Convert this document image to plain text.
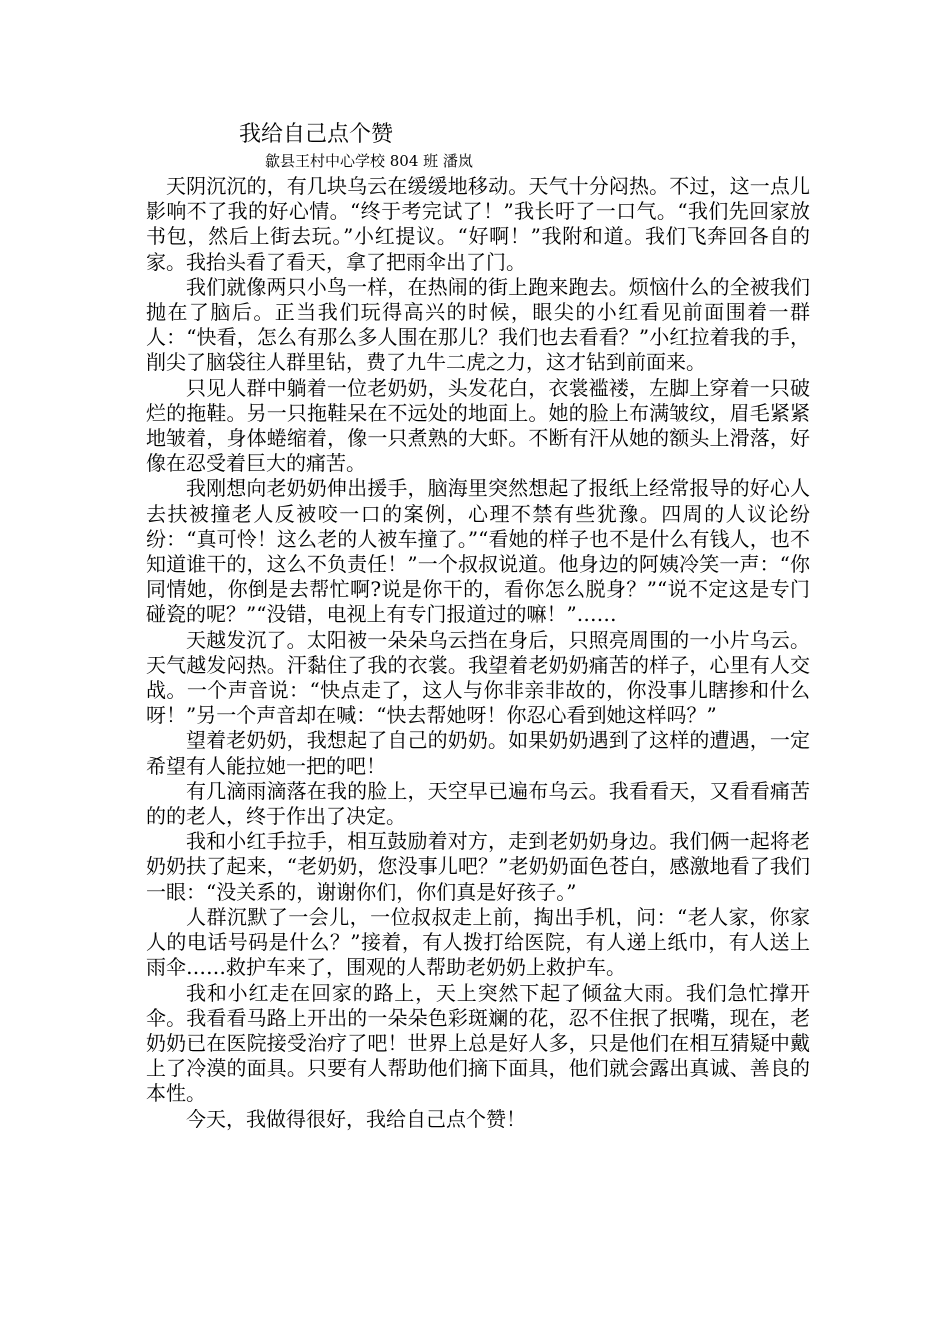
我给自己点个赞
歙县王村中心学校 804 班 潘岚

天阴沉沉的，有几块乌云在缓缓地移动。天气十分闷热。不过，这一点儿影响不了我的好心情。“终于考完试了！”我长吁了一口气。“我们先回家放书包，然后上街去玩。”小红提议。“好啊！”我附和道。我们飞奔回各自的家。我抬头看了看天，拿了把雨伞出了门。

我们就像两只小鸟一样，在热闹的街上跑来跑去。烦恼什么的全被我们抛在了脑后。正当我们玩得高兴的时候，眼尖的小红看见前面围着一群人：“快看，怎么有那么多人围在那儿？我们也去看看？”小红拉着我的手，削尖了脑袋往人群里钻，费了九牛二虎之力，这才钻到前面来。

只见人群中躺着一位老奶奶，头发花白，衣裳褴褛，左脚上穿着一只破烂的拖鞋。另一只拖鞋呆在不远处的地面上。她的脸上布满皱纹，眉毛紧紧地皱着，身体蜷缩着，像一只煮熟的大虾。不断有汗从她的额头上滑落，好像在忍受着巨大的痛苦。

我刚想向老奶奶伸出援手，脑海里突然想起了报纸上经常报导的好心人去扶被撞老人反被咬一口的案例，心理不禁有些犹豫。四周的人议论纷纷：“真可怜！这么老的人被车撞了。”“看她的样子也不是什么有钱人，也不知道谁干的，这么不负责任！”一个叔叔说道。他身边的阿姨冷笑一声：“你同情她，你倒是去帮忙啊?说是你干的，看你怎么脱身？”“说不定这是专门碰瓷的呢？”“没错，电视上有专门报道过的嘛！”……

天越发沉了。太阳被一朵朵乌云挡在身后，只照亮周围的一小片乌云。天气越发闷热。汗黏住了我的衣裳。我望着老奶奶痛苦的样子，心里有人交战。一个声音说：“快点走了，这人与你非亲非故的，你没事儿瞎掺和什么呀！”另一个声音却在喊：“快去帮她呀！你忍心看到她这样吗？”

望着老奶奶，我想起了自己的奶奶。如果奶奶遇到了这样的遭遇，一定希望有人能拉她一把的吧！

有几滴雨滴落在我的脸上，天空早已遍布乌云。我看看天，又看看痛苦的的老人，终于作出了决定。

我和小红手拉手，相互鼓励着对方，走到老奶奶身边。我们俩一起将老奶奶扶了起来，“老奶奶，您没事儿吧？”老奶奶面色苍白，感激地看了我们一眼：“没关系的，谢谢你们，你们真是好孩子。”

人群沉默了一会儿，一位叔叔走上前，掏出手机，问：“老人家，你家人的电话号码是什么？”接着，有人拨打给医院，有人递上纸巾，有人送上雨伞……救护车来了，围观的人帮助老奶奶上救护车。

我和小红走在回家的路上，天上突然下起了倾盆大雨。我们急忙撑开伞。我看看马路上开出的一朵朵色彩斑斓的花，忍不住抿了抿嘴，现在，老奶奶已在医院接受治疗了吧！世界上总是好人多，只是他们在相互猜疑中戴上了冷漠的面具。只要有人帮助他们摘下面具，他们就会露出真诚、善良的本性。

今天，我做得很好，我给自己点个赞！
